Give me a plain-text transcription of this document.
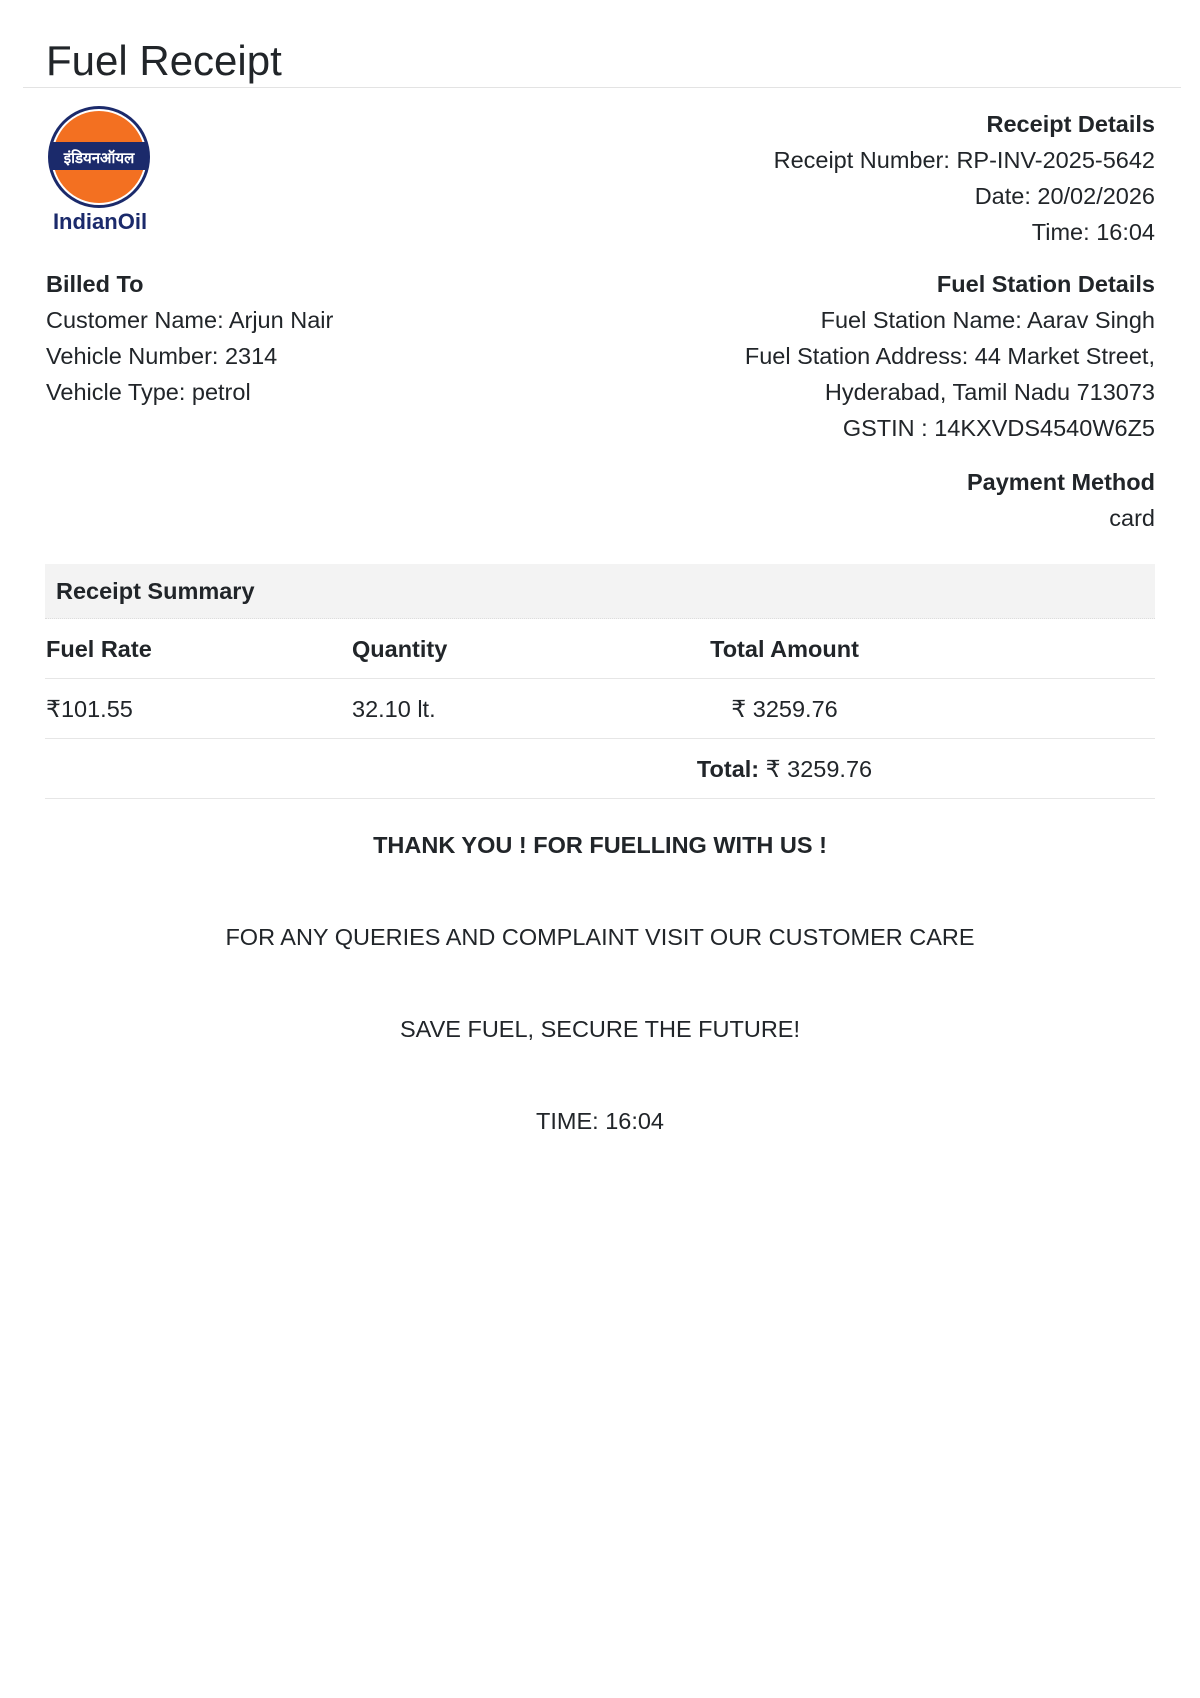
Fuel Receipt
इंडियनऑयल
IndianOil
Receipt Details
Receipt Number: RP-INV-2025-5642
Date: 20/02/2026
Time: 16:04
Billed To
Customer Name: Arjun Nair
Vehicle Number: 2314
Vehicle Type: petrol
Fuel Station Details
Fuel Station Name: Aarav Singh
Fuel Station Address: 44 Market Street,
Hyderabad, Tamil Nadu 713073
GSTIN : 14KXVDS4540W6Z5
Payment Method
card
Receipt Summary
Fuel Rate	Quantity	Total Amount
₹101.55	32.10 lt.	₹ 3259.76
Total: ₹ 3259.76

THANK YOU ! FOR FUELLING WITH US !

FOR ANY QUERIES AND COMPLAINT VISIT OUR CUSTOMER CARE

SAVE FUEL, SECURE THE FUTURE!

TIME: 16:04
